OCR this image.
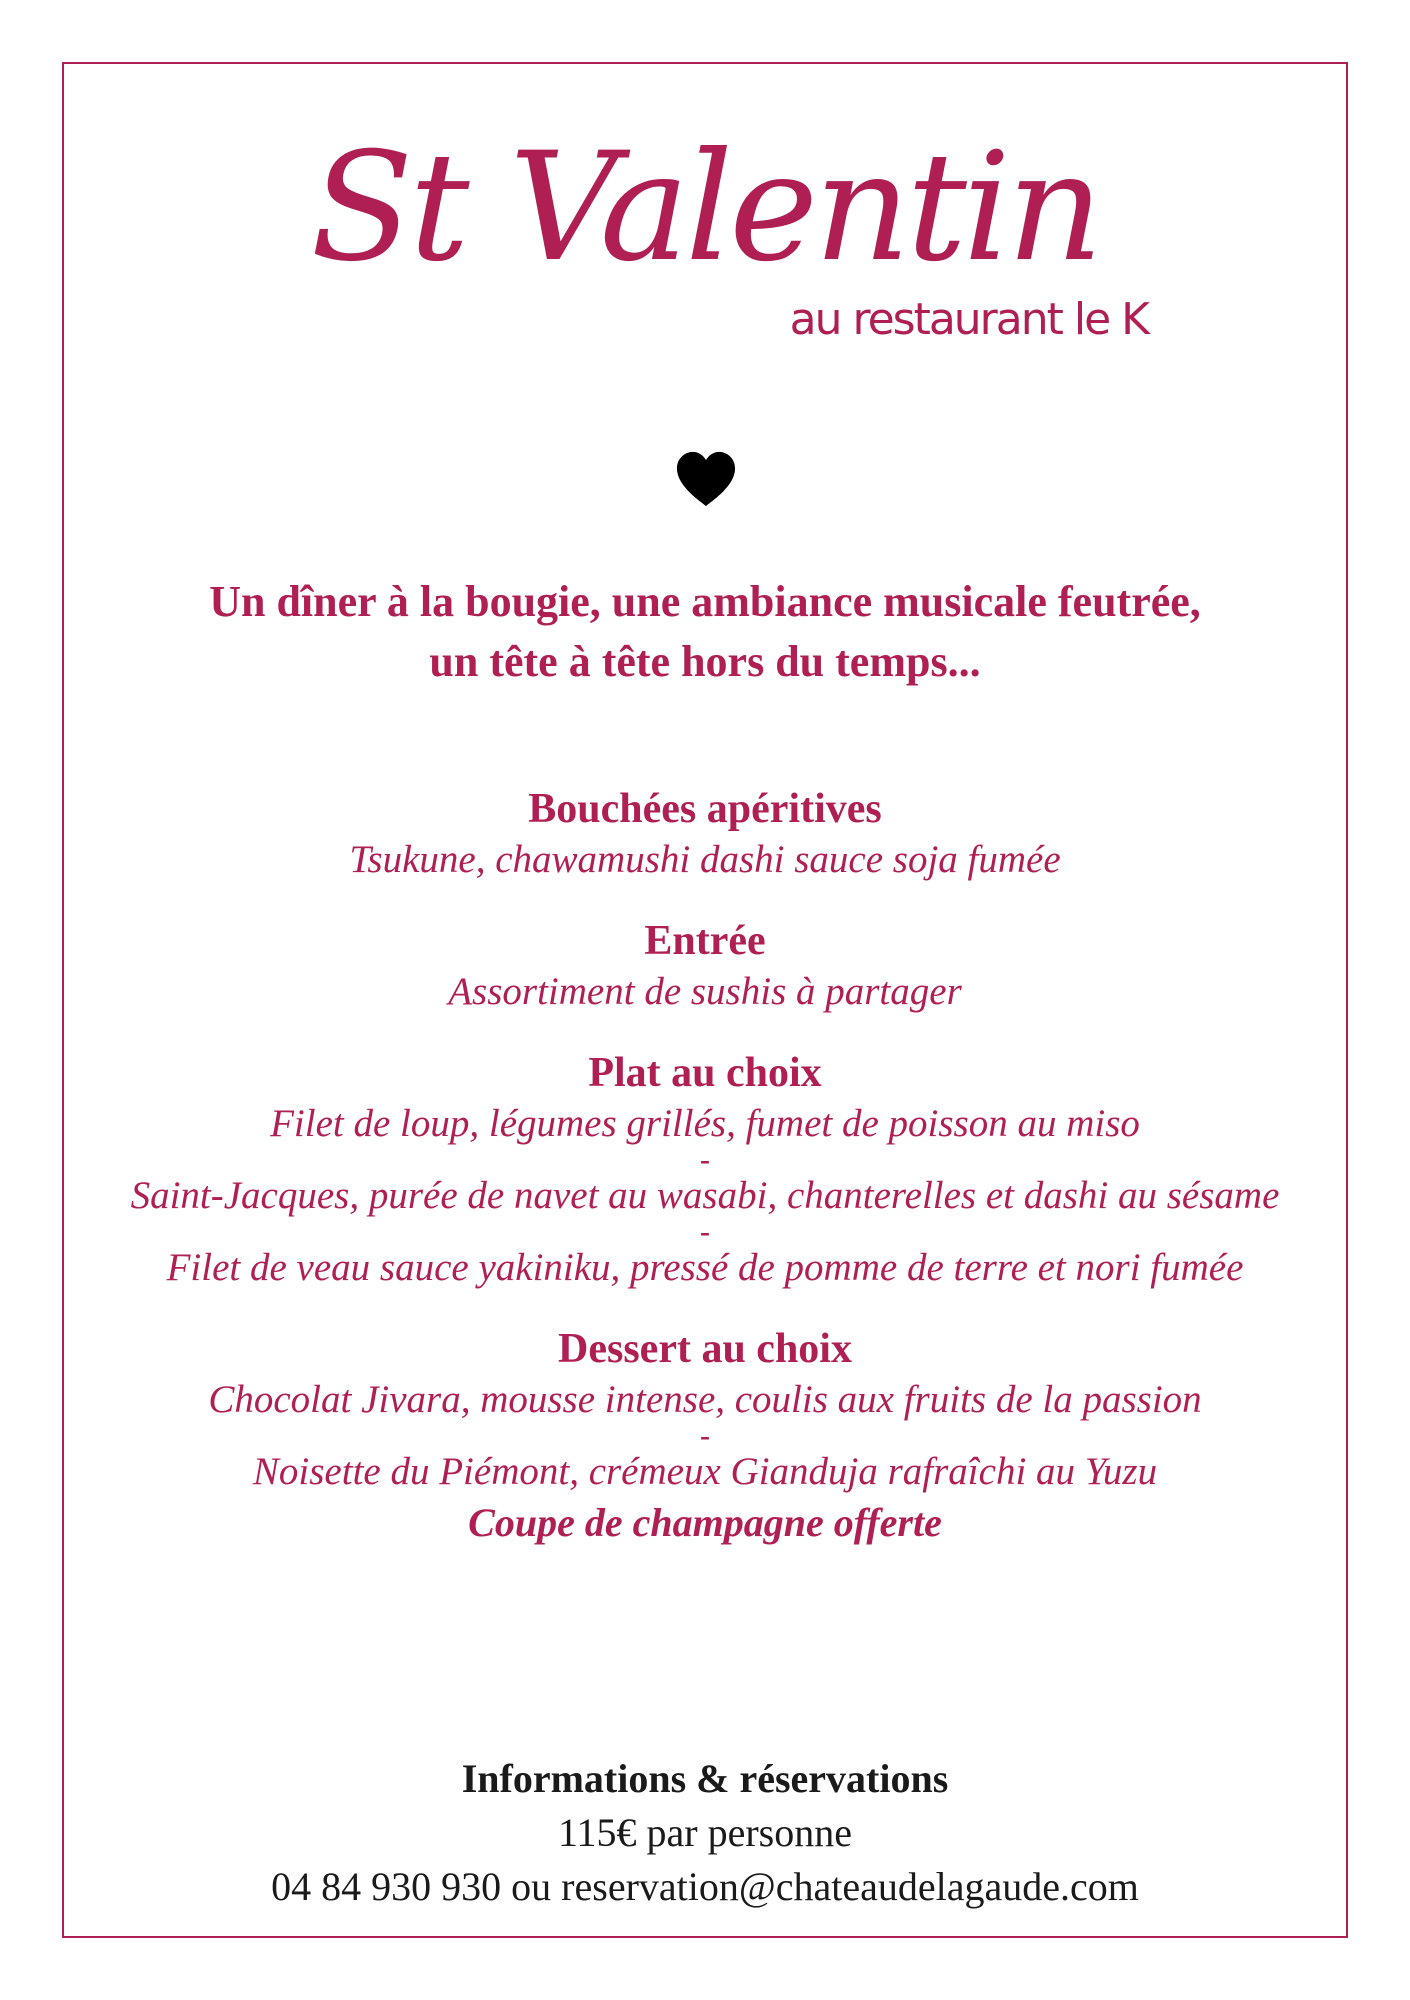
St Valentin
au restaurant le K
Un dîner à la bougie, une ambiance musicale feutrée,
un tête à tête hors du temps...
Bouchées apéritives
Tsukune, chawamushi dashi sauce soja fumée
Entrée
Assortiment de sushis à partager
Plat au choix
Filet de loup, légumes grillés, fumet de poisson au miso
-
Saint-Jacques, purée de navet au wasabi, chanterelles et dashi au sésame
-
Filet de veau sauce yakiniku, pressé de pomme de terre et nori fumée
Dessert au choix
Chocolat Jivara, mousse intense, coulis aux fruits de la passion
-
Noisette du Piémont, crémeux Gianduja rafraîchi au Yuzu
Coupe de champagne offerte
Informations & réservations
115€ par personne
04 84 930 930 ou reservation@chateaudelagaude.com
